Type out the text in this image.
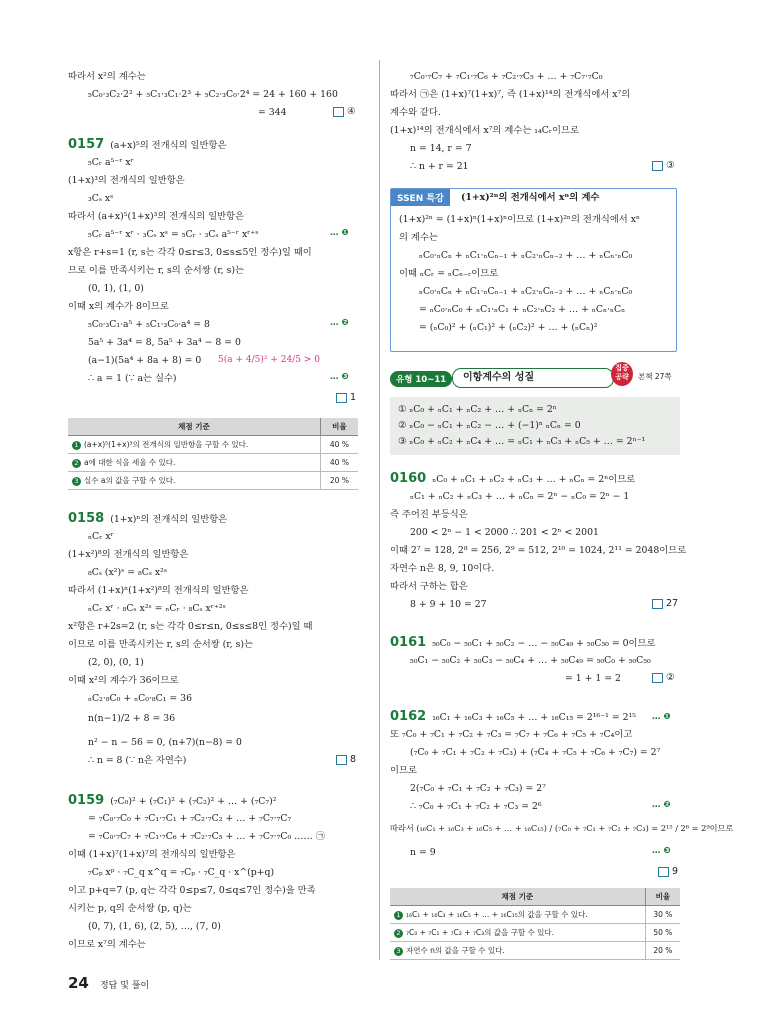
따라서 x²의 계수는
₅C₀·₃C₂·2² + ₅C₁·₃C₁·2³ + ₅C₂·₃C₀·2⁴ = 24 + 160 + 160
= 344	④
0157 (a+x)⁵의 전개식의 일반항은
₅Cᵣ a⁵⁻ʳ xʳ
(1+x)³의 전개식의 일반항은
₃Cₛ xˢ
따라서 (a+x)⁵(1+x)³의 전개식의 일반항은
₅Cᵣ a⁵⁻ʳ xʳ · ₃Cₛ xˢ = ₅Cᵣ · ₃Cₛ a⁵⁻ʳ xʳ⁺ˢ	… ❶
x항은 r+s=1 (r, s는 각각 0≤r≤3, 0≤s≤5인 정수)일 때이
므로 이를 만족시키는 r, s의 순서쌍 (r, s)는
(0, 1), (1, 0)
이때 x의 계수가 8이므로
₅C₀·₃C₁·a⁵ + ₅C₁·₃C₀·a⁴ = 8	… ❷
5a⁵ + 3a⁴ = 8, 5a⁵ + 3a⁴ − 8 = 0
(a−1)(5a⁴ + 8a + 8) = 0 5(a + 4/5)² + 24/5 > 0
∴ a = 1 (∵ a는 실수)	… ❸
1
채점 기준	비율
1 (a+x)⁵(1+x)³의 전개식의 일반항을 구할 수 있다.	40 %
2 a에 대한 식을 세울 수 있다.	40 %
3 실수 a의 값을 구할 수 있다.	20 %
0158 (1+x)ⁿ의 전개식의 일반항은
ₙCᵣ xʳ
(1+x²)⁸의 전개식의 일반항은
₈Cₛ (x²)ˢ = ₈Cₛ x²ˢ
따라서 (1+x)ⁿ(1+x²)⁸의 전개식의 일반항은
ₙCᵣ xʳ · ₈Cₛ x²ˢ = ₙCᵣ · ₈Cₛ xʳ⁺²ˢ
x²항은 r+2s=2 (r, s는 각각 0≤r≤n, 0≤s≤8인 정수)일 때
이므로 이를 만족시키는 r, s의 순서쌍 (r, s)는
(2, 0), (0, 1)
이때 x²의 계수가 36이므로
ₙC₂·₈C₀ + ₙC₀·₈C₁ = 36
n(n−1)/2 + 8 = 36
n² − n − 56 = 0, (n+7)(n−8) = 0
∴ n = 8 (∵ n은 자연수)	8
0159 (₇C₀)² + (₇C₁)² + (₇C₂)² + … + (₇C₇)²
= ₇C₀·₇C₀ + ₇C₁·₇C₁ + ₇C₂·₇C₂ + … + ₇C₇·₇C₇
= ₇C₀·₇C₇ + ₇C₁·₇C₆ + ₇C₂·₇C₅ + … + ₇C₇·₇C₀ …… ㉠
이때 (1+x)⁷(1+x)⁷의 전개식의 일반항은
₇Cₚ xᵖ · ₇C_q x^q = ₇Cₚ · ₇C_q · x^(p+q)
이고 p+q=7 (p, q는 각각 0≤p≤7, 0≤q≤7인 정수)을 만족
시키는 p, q의 순서쌍 (p, q)는
(0, 7), (1, 6), (2, 5), …, (7, 0)
이므로 x⁷의 계수는
₇C₀·₇C₇ + ₇C₁·₇C₆ + ₇C₂·₇C₅ + … + ₇C₇·₇C₀
따라서 ㉠은 (1+x)⁷(1+x)⁷, 즉 (1+x)¹⁴의 전개식에서 x⁷의
계수와 같다.
(1+x)¹⁴의 전개식에서 x⁷의 계수는 ₁₄Cᵣ이므로
n = 14, r = 7
∴ n + r = 21	③
SSEN 특강	(1+x)²ⁿ의 전개식에서 xⁿ의 계수
(1+x)²ⁿ = (1+x)ⁿ(1+x)ⁿ이므로 (1+x)²ⁿ의 전개식에서 xⁿ
의 계수는
ₙC₀·ₙCₙ + ₙC₁·ₙCₙ₋₁ + ₙC₂·ₙCₙ₋₂ + … + ₙCₙ·ₙC₀
이때 ₙCᵣ = ₙCₙ₋ᵣ이므로
ₙC₀·ₙCₙ + ₙC₁·ₙCₙ₋₁ + ₙC₂·ₙCₙ₋₂ + … + ₙCₙ·ₙC₀
= ₙC₀·ₙC₀ + ₙC₁·ₙC₁ + ₙC₂·ₙC₂ + … + ₙCₙ·ₙCₙ
= (ₙC₀)² + (ₙC₁)² + (ₙC₂)² + … + (ₙCₙ)²
유형 10~11	이항계수의 성질
집중 공략	본책 27쪽
① ₙC₀ + ₙC₁ + ₙC₂ + … + ₙCₙ = 2ⁿ
② ₙC₀ − ₙC₁ + ₙC₂ − … + (−1)ⁿ ₙCₙ = 0
③ ₙC₀ + ₙC₂ + ₙC₄ + … = ₙC₁ + ₙC₃ + ₙC₅ + … = 2ⁿ⁻¹
0160 ₙC₀ + ₙC₁ + ₙC₂ + ₙC₃ + … + ₙCₙ = 2ⁿ이므로
ₙC₁ + ₙC₂ + ₙC₃ + … + ₙCₙ = 2ⁿ − ₙC₀ = 2ⁿ − 1
즉 주어진 부등식은
200 < 2ⁿ − 1 < 2000 ∴ 201 < 2ⁿ < 2001
이때 2⁷ = 128, 2⁸ = 256, 2⁹ = 512, 2¹⁰ = 1024, 2¹¹ = 2048이므로
자연수 n은 8, 9, 10이다.
따라서 구하는 합은
8 + 9 + 10 = 27	27
0161 ₅₀C₀ − ₅₀C₁ + ₅₀C₂ − … − ₅₀C₄₉ + ₅₀C₅₀ = 0이므로
₅₀C₁ − ₅₀C₂ + ₅₀C₃ − ₅₀C₄ + … + ₅₀C₄₉ = ₅₀C₀ + ₅₀C₅₀
= 1 + 1 = 2	②
0162 ₁₆C₁ + ₁₆C₃ + ₁₆C₅ + … + ₁₆C₁₅ = 2¹⁶⁻¹ = 2¹⁵ … ❶
또 ₇C₀ + ₇C₁ + ₇C₂ + ₇C₃ = ₇C₇ + ₇C₆ + ₇C₅ + ₇C₄이고
(₇C₀ + ₇C₁ + ₇C₂ + ₇C₃) + (₇C₄ + ₇C₅ + ₇C₆ + ₇C₇) = 2⁷
이므로
2(₇C₀ + ₇C₁ + ₇C₂ + ₇C₃) = 2⁷
∴ ₇C₀ + ₇C₁ + ₇C₂ + ₇C₃ = 2⁶	… ❷
따라서 (₁₆C₁ + ₁₆C₃ + ₁₆C₅ + … + ₁₆C₁₅) / (₇C₀ + ₇C₁ + ₇C₂ + ₇C₃) = 2¹⁵ / 2⁶ = 2⁹이므로
n = 9	… ❸
9
채점 기준	비율
1 ₁₆C₁ + ₁₆C₃ + ₁₆C₅ + … + ₁₆C₁₅의 값을 구할 수 있다.	30 %
2 ₇C₀ + ₇C₁ + ₇C₂ + ₇C₃의 값을 구할 수 있다.	50 %
3 자연수 n의 값을 구할 수 있다.	20 %
24 정답 및 풀이
